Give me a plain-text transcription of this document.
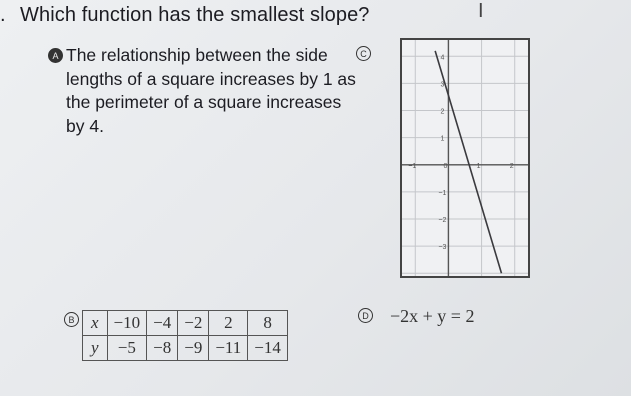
. Which function has the smallest slope?	I
A The relationship between the side lengths of a square increases by 1 as the perimeter of a square increases by 4.
B x	−10	−4	−2	2	8
y	−5	−8	−9	−11	−14
C
−1	0	1	2
4
3
2
1
−1
−2
−3
D −2x + y = 2
